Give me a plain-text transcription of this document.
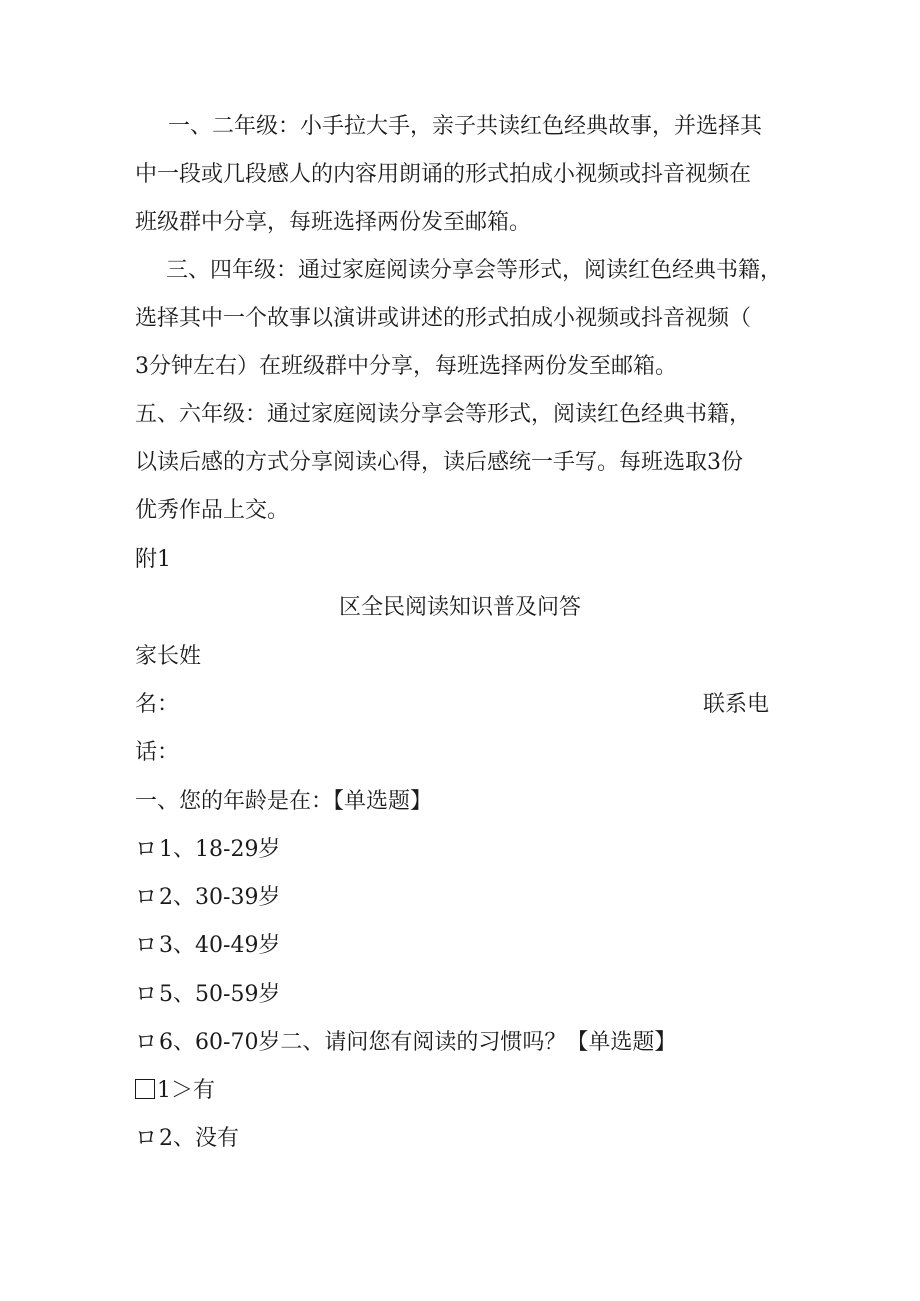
一、二年级：小手拉大手，亲子共读红色经典故事，并选择其
中一段或几段感人的内容用朗诵的形式拍成小视频或抖音视频在
班级群中分享，每班选择两份发至邮箱。
三、四年级：通过家庭阅读分享会等形式，阅读红色经典书籍，
选择其中一个故事以演讲或讲述的形式拍成小视频或抖音视频（
3分钟左右）在班级群中分享，每班选择两份发至邮箱。
五、六年级：通过家庭阅读分享会等形式，阅读红色经典书籍，
以读后感的方式分享阅读心得，读后感统一手写。每班选取3份
优秀作品上交。
附1
区全民阅读知识普及问答
家长姓
名：	联系电
话：
一、您的年龄是在：【单选题】
ロ1、18-29岁
ロ2、30-39岁
ロ3、40-49岁
ロ5、50-59岁
ロ6、60-70岁二、请问您有阅读的习惯吗？【单选题】
1＞有
ロ2、没有
